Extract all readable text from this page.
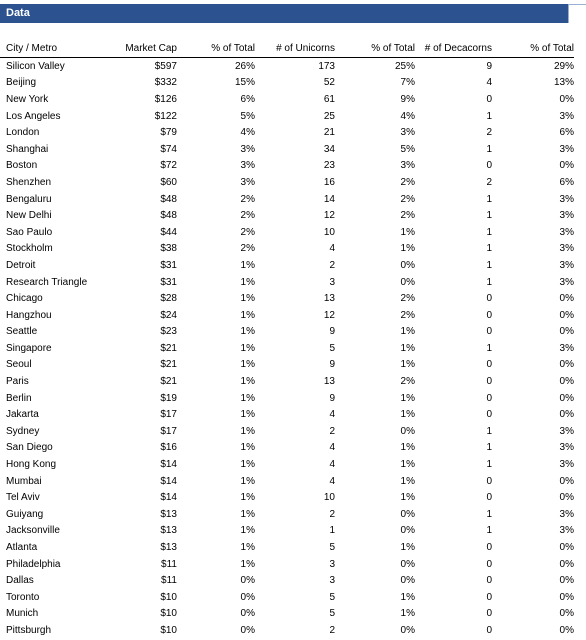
Data
City / Metro	Market Cap	% of Total	# of Unicorns	% of Total	# of Decacorns	% of Total
Silicon Valley	$597	26%	173	25%	9	29%
Beijing	$332	15%	52	7%	4	13%
New York	$126	6%	61	9%	0	0%
Los Angeles	$122	5%	25	4%	1	3%
London	$79	4%	21	3%	2	6%
Shanghai	$74	3%	34	5%	1	3%
Boston	$72	3%	23	3%	0	0%
Shenzhen	$60	3%	16	2%	2	6%
Bengaluru	$48	2%	14	2%	1	3%
New Delhi	$48	2%	12	2%	1	3%
Sao Paulo	$44	2%	10	1%	1	3%
Stockholm	$38	2%	4	1%	1	3%
Detroit	$31	1%	2	0%	1	3%
Research Triangle	$31	1%	3	0%	1	3%
Chicago	$28	1%	13	2%	0	0%
Hangzhou	$24	1%	12	2%	0	0%
Seattle	$23	1%	9	1%	0	0%
Singapore	$21	1%	5	1%	1	3%
Seoul	$21	1%	9	1%	0	0%
Paris	$21	1%	13	2%	0	0%
Berlin	$19	1%	9	1%	0	0%
Jakarta	$17	1%	4	1%	0	0%
Sydney	$17	1%	2	0%	1	3%
San Diego	$16	1%	4	1%	1	3%
Hong Kong	$14	1%	4	1%	1	3%
Mumbai	$14	1%	4	1%	0	0%
Tel Aviv	$14	1%	10	1%	0	0%
Guiyang	$13	1%	2	0%	1	3%
Jacksonville	$13	1%	1	0%	1	3%
Atlanta	$13	1%	5	1%	0	0%
Philadelphia	$11	1%	3	0%	0	0%
Dallas	$11	0%	3	0%	0	0%
Toronto	$10	0%	5	1%	0	0%
Munich	$10	0%	5	1%	0	0%
Pittsburgh	$10	0%	2	0%	0	0%
